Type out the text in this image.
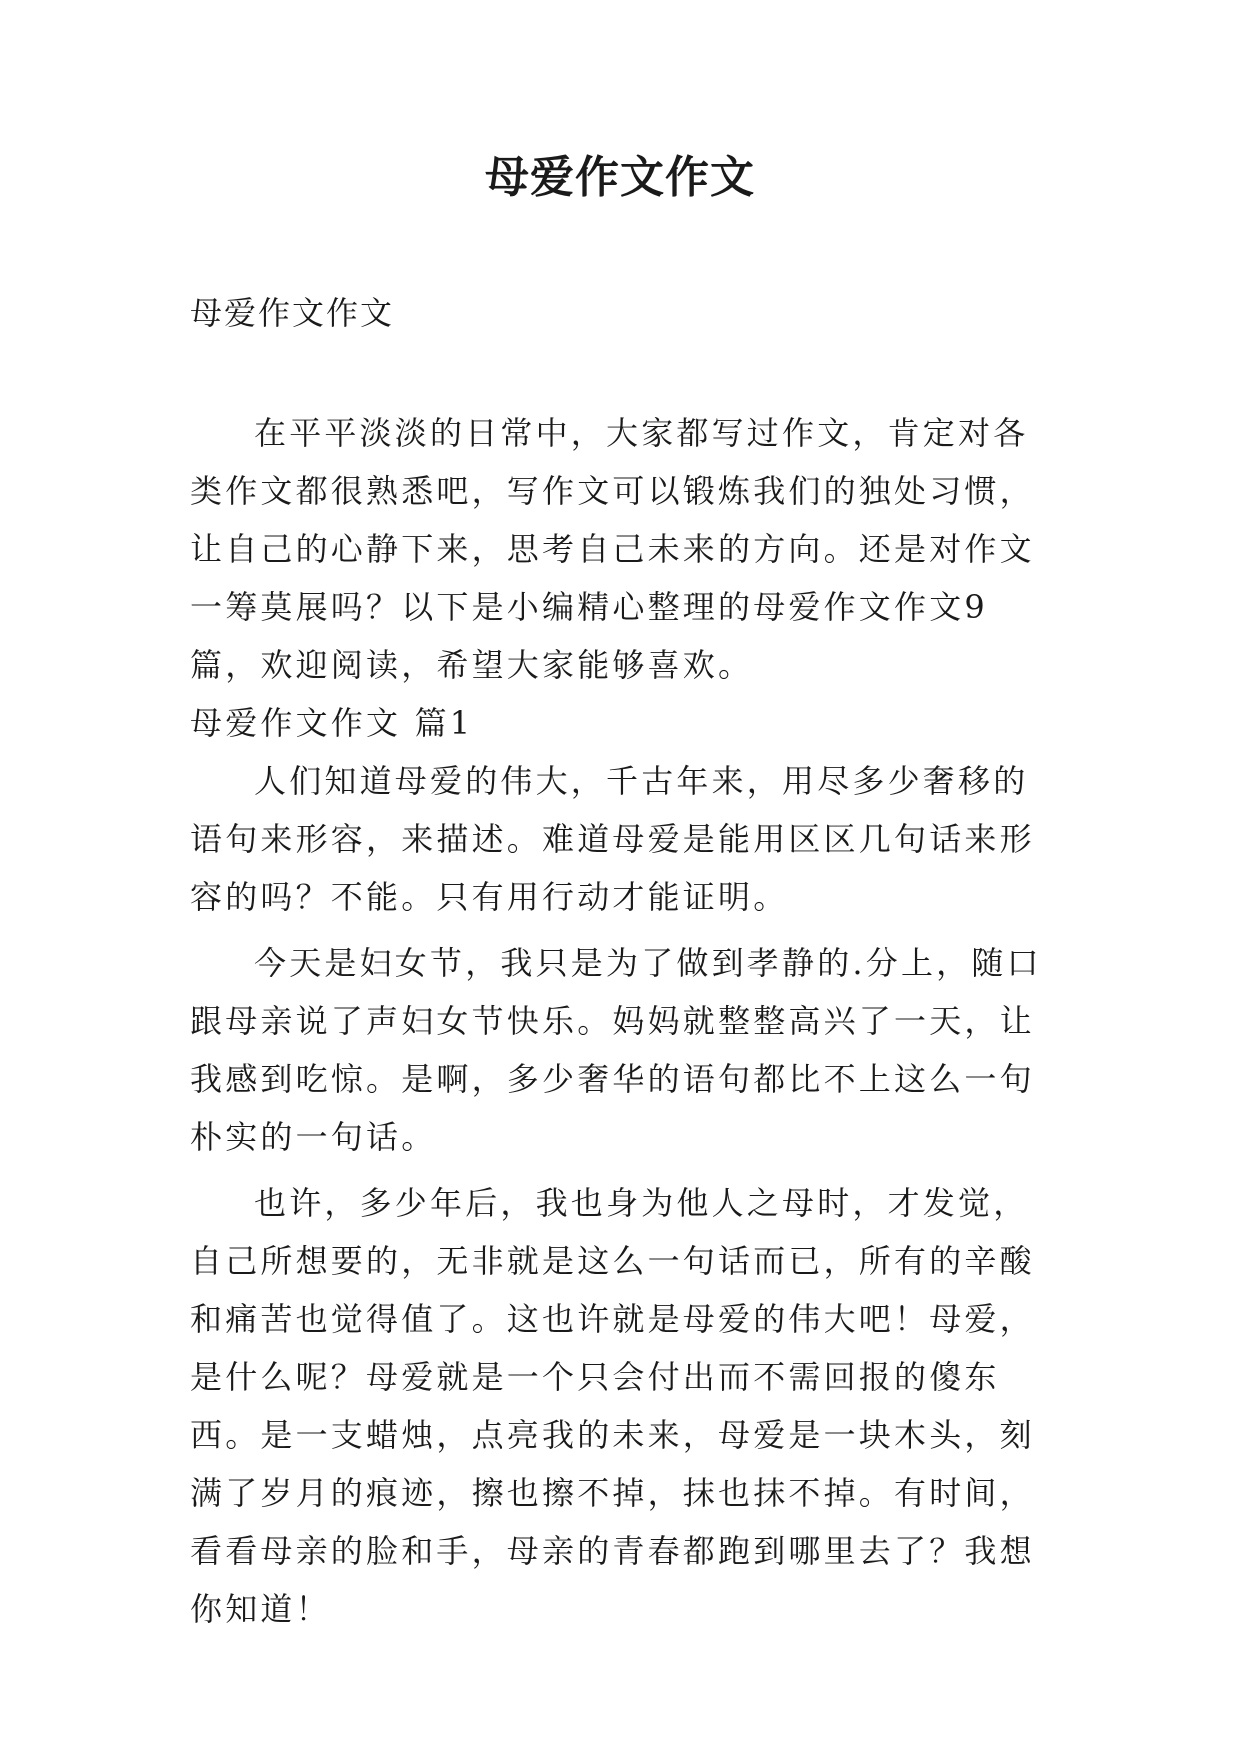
母爱作文作文
母爱作文作文

在平平淡淡的日常中，大家都写过作文，肯定对各类作文都很熟悉吧，写作文可以锻炼我们的独处习惯，让自己的心静下来，思考自己未来的方向。还是对作文一筹莫展吗？以下是小编精心整理的母爱作文作文9篇，欢迎阅读，希望大家能够喜欢。

母爱作文作文 篇1

人们知道母爱的伟大，千古年来，用尽多少奢移的语句来形容，来描述。难道母爱是能用区区几句话来形容的吗？不能。只有用行动才能证明。

今天是妇女节，我只是为了做到孝静的.分上，随口跟母亲说了声妇女节快乐。妈妈就整整高兴了一天，让我感到吃惊。是啊，多少奢华的语句都比不上这么一句朴实的一句话。

也许，多少年后，我也身为他人之母时，才发觉，自己所想要的，无非就是这么一句话而已，所有的辛酸和痛苦也觉得值了。这也许就是母爱的伟大吧！母爱，是什么呢？母爱就是一个只会付出而不需回报的傻东西。是一支蜡烛，点亮我的未来，母爱是一块木头，刻满了岁月的痕迹，擦也擦不掉，抹也抹不掉。有时间，看看母亲的脸和手，母亲的青春都跑到哪里去了？我想你知道！
